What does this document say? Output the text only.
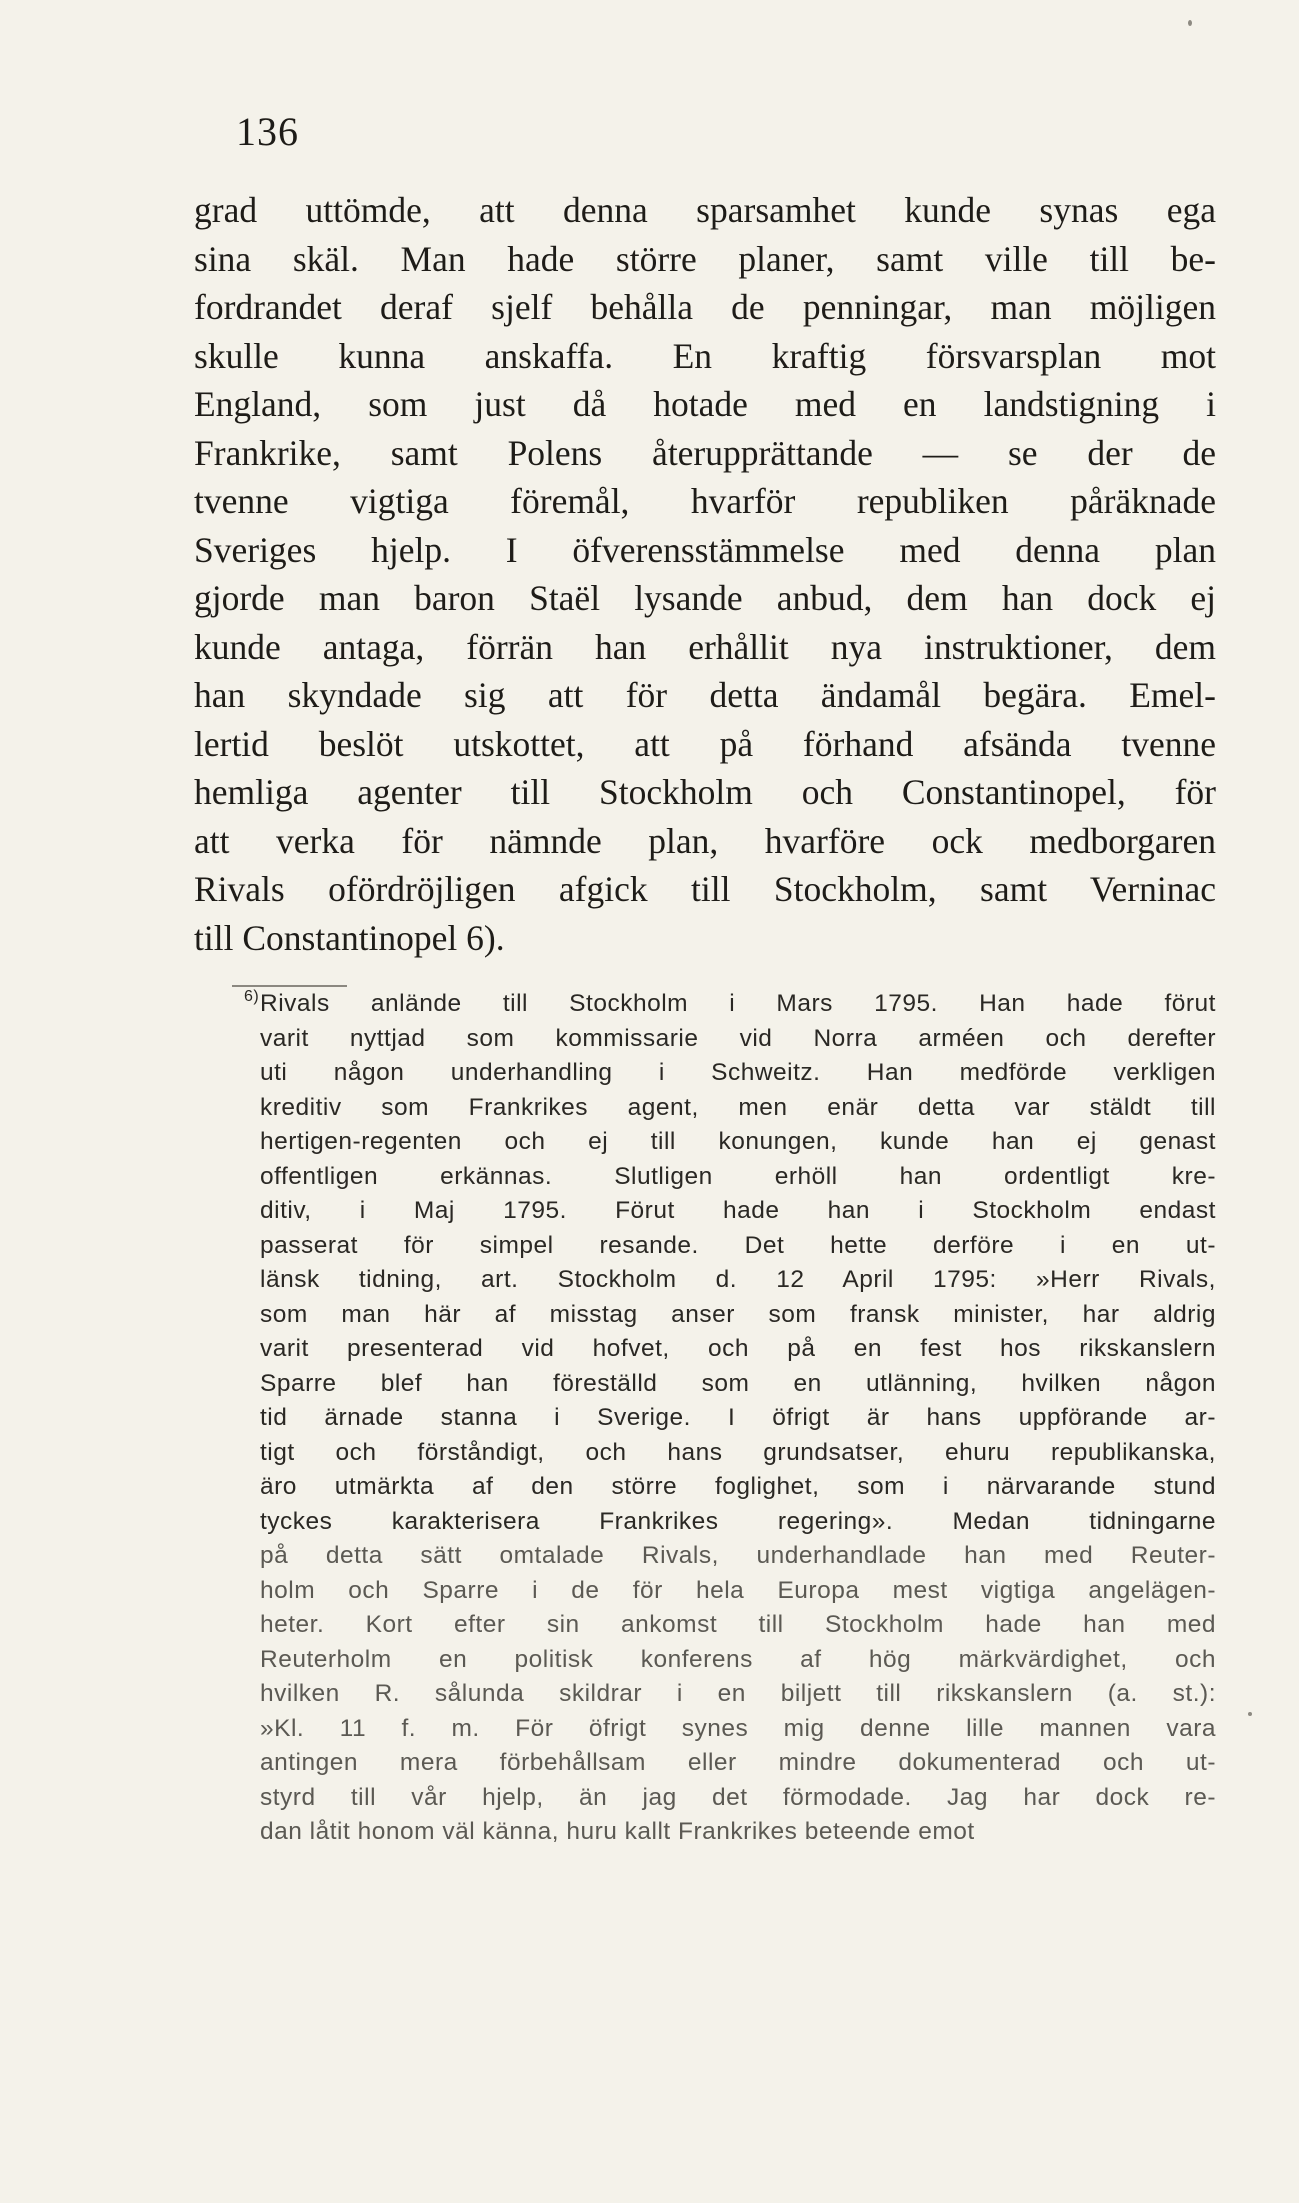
136
grad uttömde, att denna sparsamhet kunde synas ega
sina skäl. Man hade större planer, samt ville till be-
fordrandet deraf sjelf behålla de penningar, man möjligen
skulle kunna anskaffa. En kraftig försvarsplan mot
England, som just då hotade med en landstigning i
Frankrike, samt Polens återupprättande — se der de
tvenne vigtiga föremål, hvarför republiken påräknade
Sveriges hjelp. I öfverensstämmelse med denna plan
gjorde man baron Staël lysande anbud, dem han dock ej
kunde antaga, förrän han erhållit nya instruktioner, dem
han skyndade sig att för detta ändamål begära. Emel-
lertid beslöt utskottet, att på förhand afsända tvenne
hemliga agenter till Stockholm och Constantinopel, för
att verka för nämnde plan, hvarföre ock medborgaren
Rivals ofördröjligen afgick till Stockholm, samt Verninac
till Constantinopel 6).
6) Rivals anlände till Stockholm i Mars 1795. Han hade förut
varit nyttjad som kommissarie vid Norra arméen och derefter
uti någon underhandling i Schweitz. Han medförde verkligen
kreditiv som Frankrikes agent, men enär detta var stäldt till
hertigen-regenten och ej till konungen, kunde han ej genast
offentligen erkännas. Slutligen erhöll han ordentligt kre-
ditiv, i Maj 1795. Förut hade han i Stockholm endast
passerat för simpel resande. Det hette derföre i en ut-
länsk tidning, art. Stockholm d. 12 April 1795: »Herr Rivals,
som man här af misstag anser som fransk minister, har aldrig
varit presenterad vid hofvet, och på en fest hos rikskanslern
Sparre blef han föreställd som en utlänning, hvilken någon
tid ärnade stanna i Sverige. I öfrigt är hans uppförande ar-
tigt och förståndigt, och hans grundsatser, ehuru republikanska,
äro utmärkta af den större foglighet, som i närvarande stund
tyckes karakterisera Frankrikes regering». Medan tidningarne
på detta sätt omtalade Rivals, underhandlade han med Reuter-
holm och Sparre i de för hela Europa mest vigtiga angelägen-
heter. Kort efter sin ankomst till Stockholm hade han med
Reuterholm en politisk konferens af hög märkvärdighet, och
hvilken R. sålunda skildrar i en biljett till rikskanslern (a. st.):
»Kl. 11 f. m. För öfrigt synes mig denne lille mannen vara
antingen mera förbehållsam eller mindre dokumenterad och ut-
styrd till vår hjelp, än jag det förmodade. Jag har dock re-
dan låtit honom väl känna, huru kallt Frankrikes beteende emot
